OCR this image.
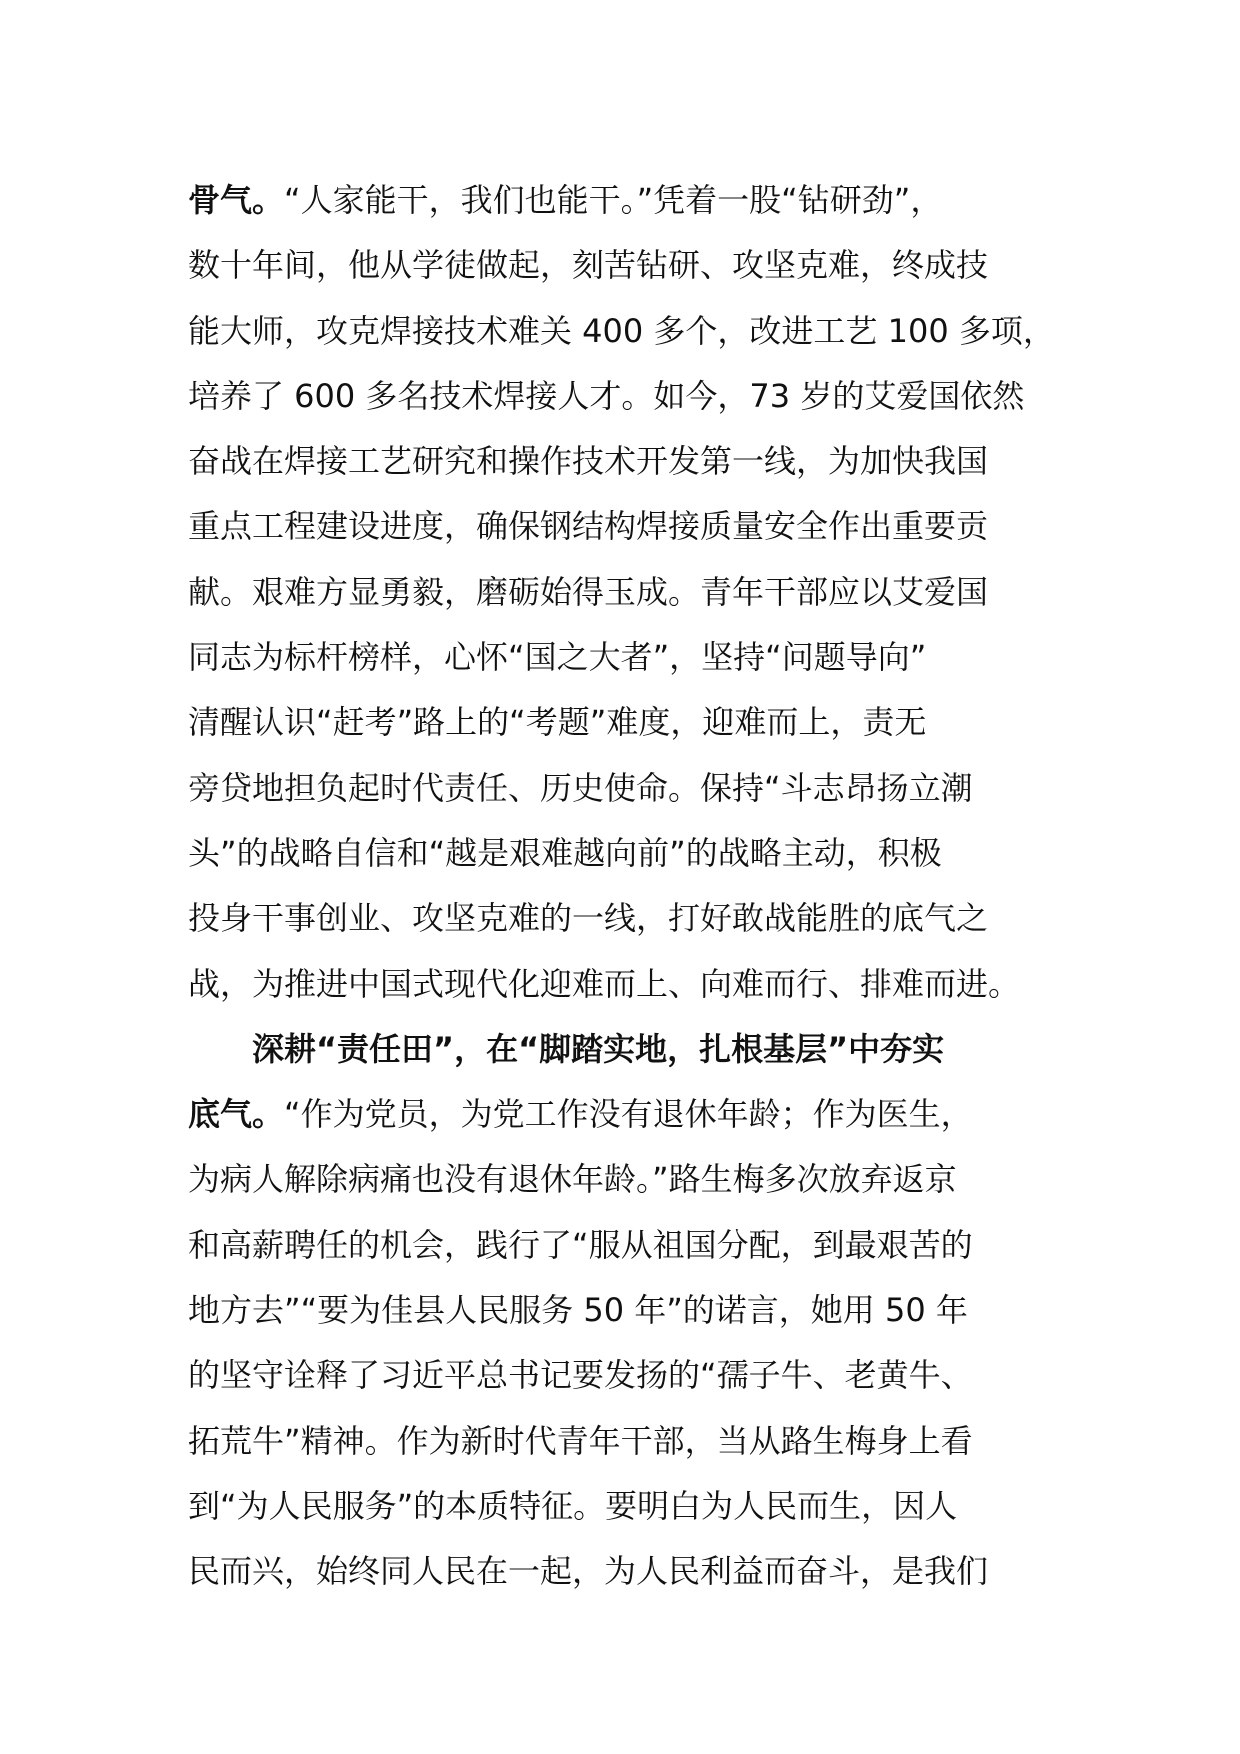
骨气。“人家能干，我们也能干。”凭着一股“钻研劲”，
数十年间，他从学徒做起，刻苦钻研、攻坚克难，终成技
能大师，攻克焊接技术难关 400 多个，改进工艺 100 多项，
培养了 600 多名技术焊接人才。如今，73 岁的艾爱国依然
奋战在焊接工艺研究和操作技术开发第一线，为加快我国
重点工程建设进度，确保钢结构焊接质量安全作出重要贡
献。艰难方显勇毅，磨砺始得玉成。青年干部应以艾爱国
同志为标杆榜样，心怀“国之大者”，坚持“问题导向”
清醒认识“赶考”路上的“考题”难度，迎难而上，责无
旁贷地担负起时代责任、历史使命。保持“斗志昂扬立潮
头”的战略自信和“越是艰难越向前”的战略主动，积极
投身干事创业、攻坚克难的一线，打好敢战能胜的底气之
战，为推进中国式现代化迎难而上、向难而行、排难而进。
深耕“责任田”，在“脚踏实地，扎根基层”中夯实
底气。“作为党员，为党工作没有退休年龄；作为医生，
为病人解除病痛也没有退休年龄。”路生梅多次放弃返京
和高薪聘任的机会，践行了“服从祖国分配，到最艰苦的
地方去”“要为佳县人民服务 50 年”的诺言，她用 50 年
的坚守诠释了习近平总书记要发扬的“孺子牛、老黄牛、
拓荒牛”精神。作为新时代青年干部，当从路生梅身上看
到“为人民服务”的本质特征。要明白为人民而生，因人
民而兴，始终同人民在一起，为人民利益而奋斗，是我们
